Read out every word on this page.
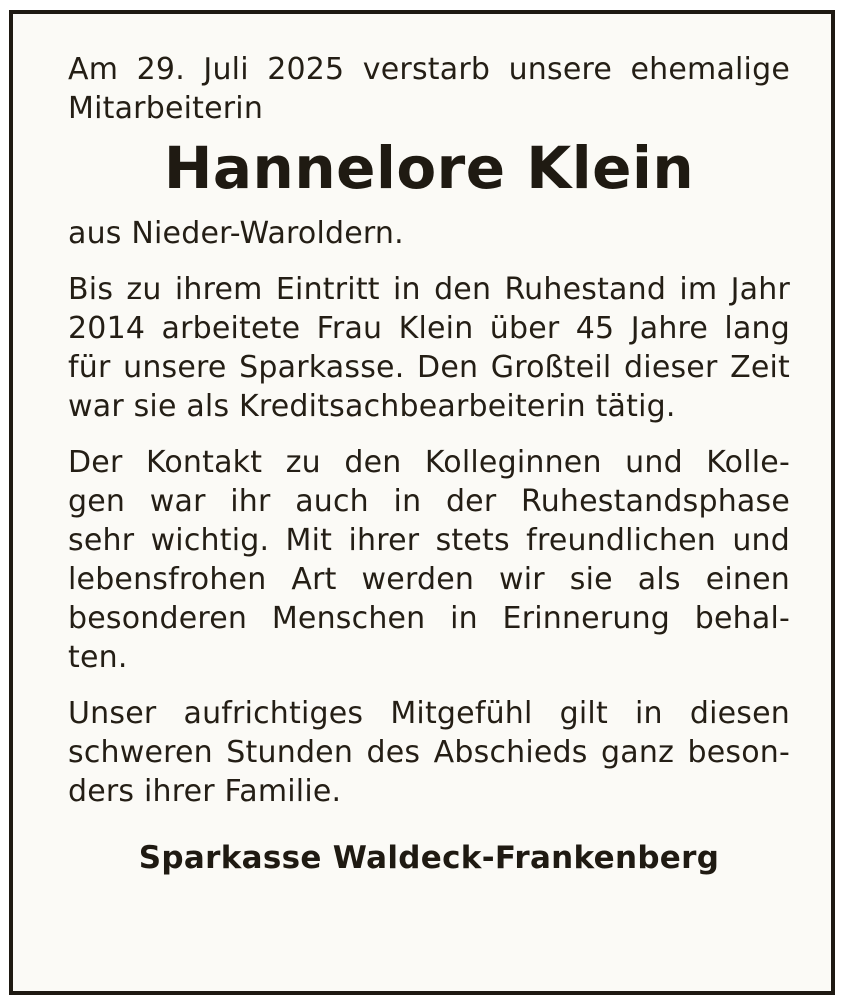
Am 29. Juli 2025 verstarb unsere ehemalige
Mitarbeiterin

Hannelore Klein

aus Nieder-Waroldern.

Bis zu ihrem Eintritt in den Ruhestand im Jahr
2014 arbeitete Frau Klein über 45 Jahre lang
für unsere Sparkasse. Den Großteil dieser Zeit
war sie als Kreditsachbearbeiterin tätig.

Der Kontakt zu den Kolleginnen und Kolle-
gen war ihr auch in der Ruhestandsphase
sehr wichtig. Mit ihrer stets freundlichen und
lebensfrohen Art werden wir sie als einen
besonderen Menschen in Erinnerung behal-
ten.

Unser aufrichtiges Mitgefühl gilt in diesen
schweren Stunden des Abschieds ganz beson-
ders ihrer Familie.

Sparkasse Waldeck-Frankenberg
